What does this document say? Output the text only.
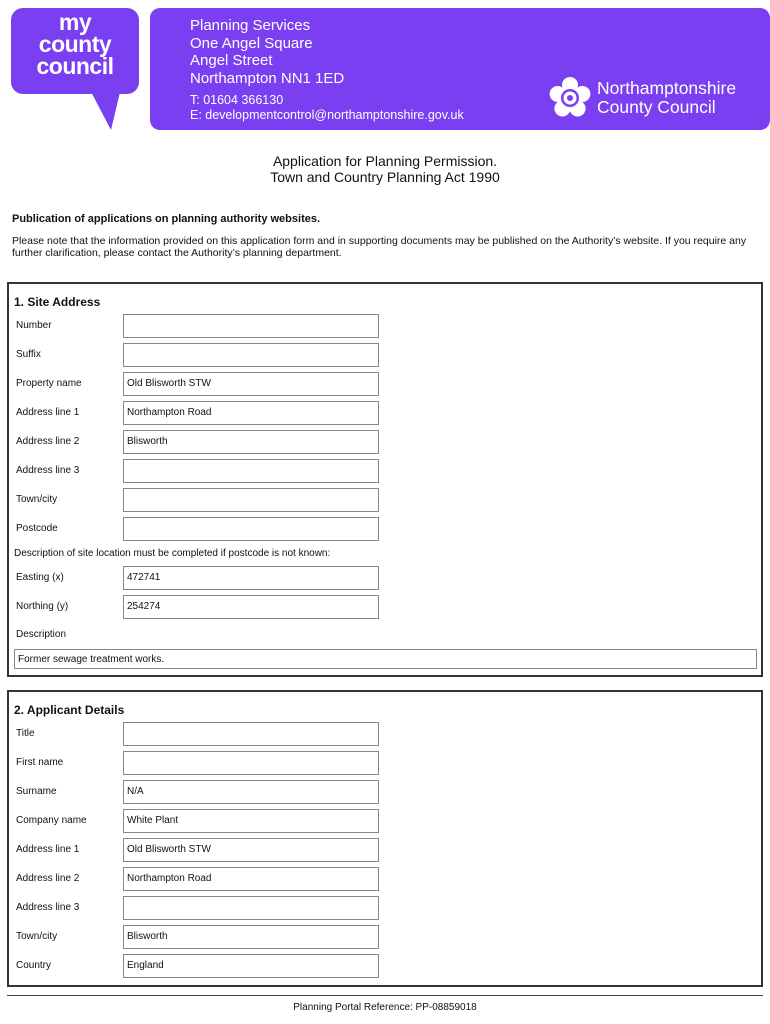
my
county
council
Planning Services
One Angel Square
Angel Street
Northampton NN1 1ED
T: 01604 366130
E: developmentcontrol@northamptonshire.gov.uk
Northamptonshire
County Council
Application for Planning Permission.
Town and Country Planning Act 1990
Publication of applications on planning authority websites.
Please note that the information provided on this application form and in supporting documents may be published on the Authority’s website. If you require any further clarification, please contact the Authority’s planning department.
1. Site Address
Number
Suffix
Property name	Old Blisworth STW
Address line 1	Northampton Road
Address line 2	Blisworth
Address line 3
Town/city
Postcode
Description of site location must be completed if postcode is not known:
Easting (x)	472741
Northing (y)	254274
Description
Former sewage treatment works.
2. Applicant Details
Title
First name
Surname	N/A
Company name	White Plant
Address line 1	Old Blisworth STW
Address line 2	Northampton Road
Address line 3
Town/city	Blisworth
Country	England
Planning Portal Reference: PP-08859018
